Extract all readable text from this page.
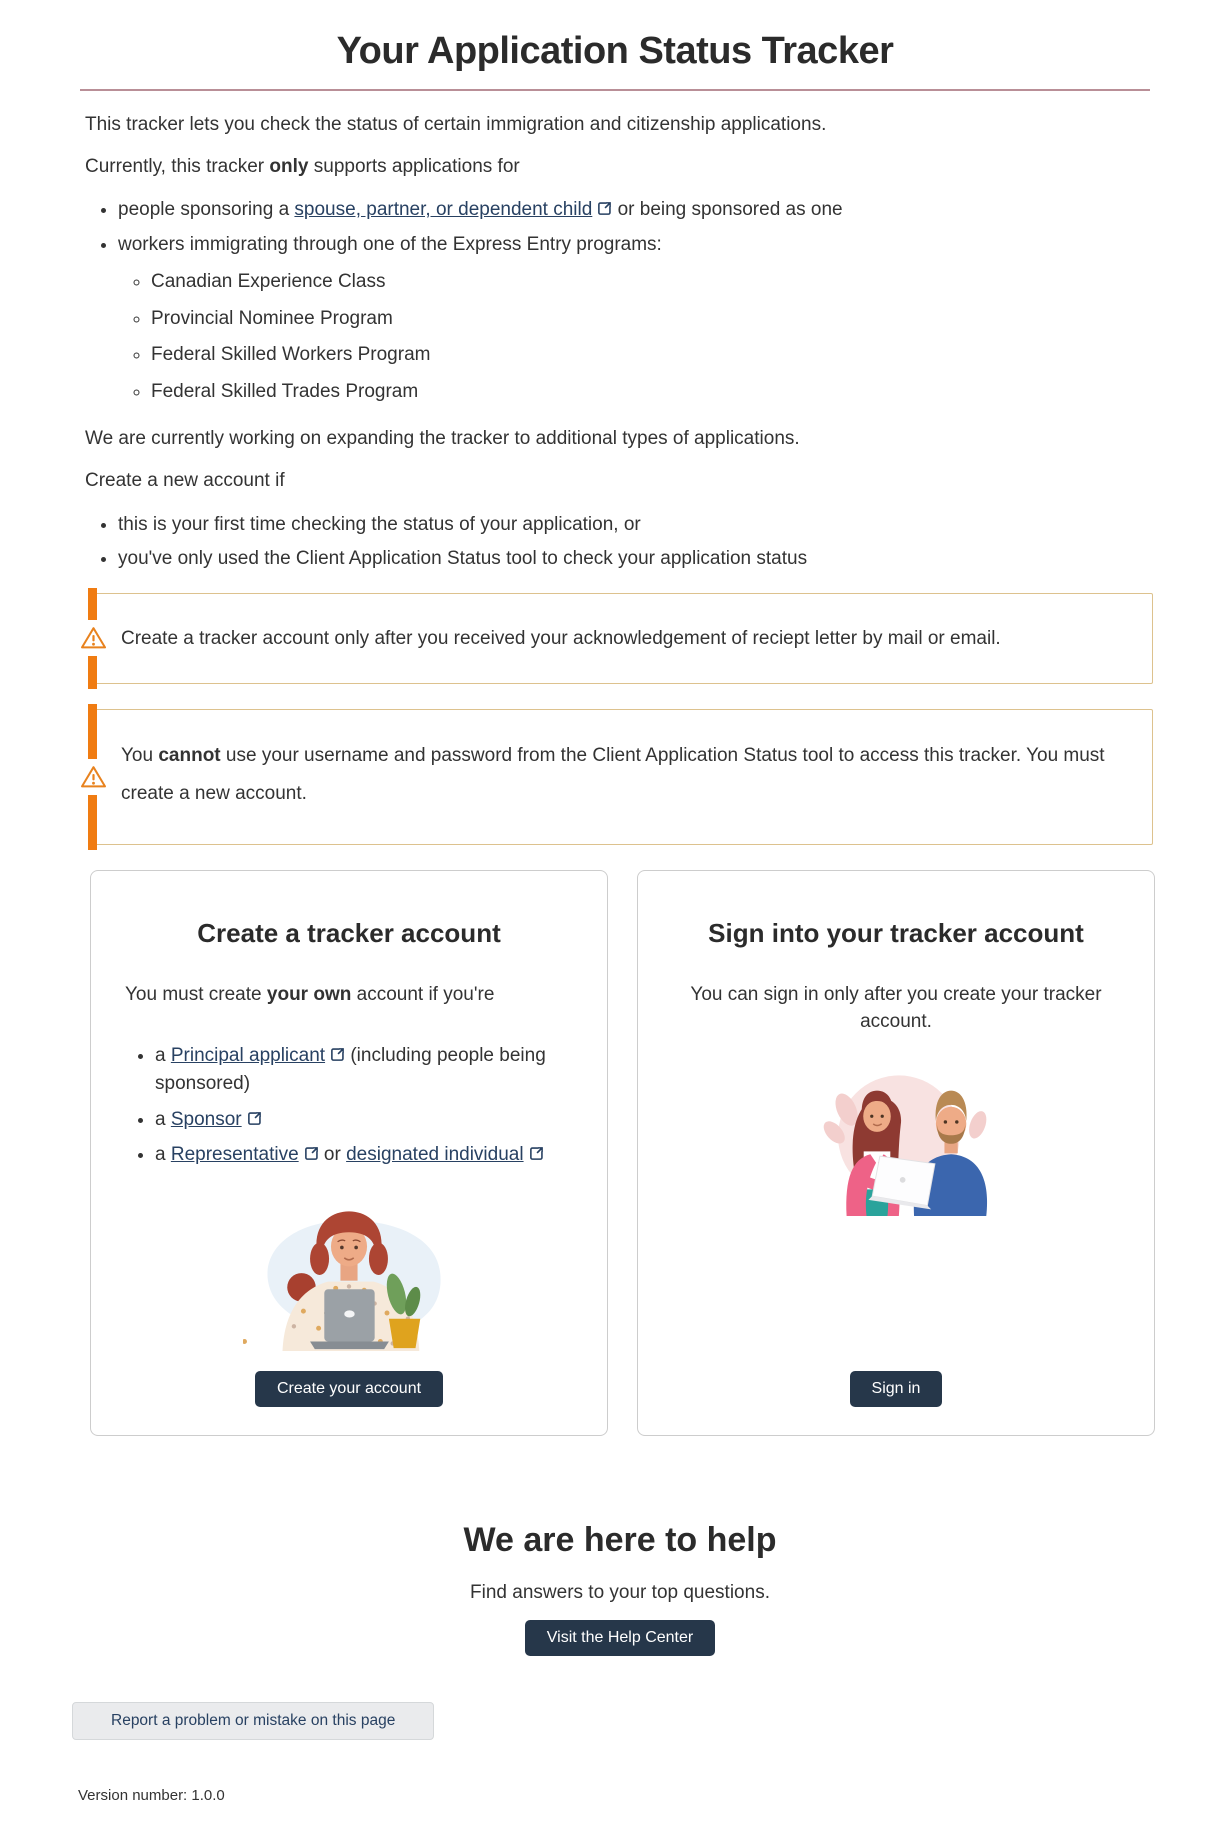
Your Application Status Tracker

This tracker lets you check the status of certain immigration and citizenship applications.

Currently, this tracker only supports applications for

• people sponsoring a spouse, partner, or dependent child or being sponsored as one
• workers immigrating through one of the Express Entry programs:
◦ Canadian Experience Class
◦ Provincial Nominee Program
◦ Federal Skilled Workers Program
◦ Federal Skilled Trades Program

We are currently working on expanding the tracker to additional types of applications.

Create a new account if

• this is your first time checking the status of your application, or
• you've only used the Client Application Status tool to check your application status

Create a tracker account only after you received your acknowledgement of reciept letter by mail or email.

You cannot use your username and password from the Client Application Status tool to access this tracker. You must create a new account.

Create a tracker account

You must create your own account if you're

• a Principal applicant (including people being sponsored)
• a Sponsor
• a Representative or designated individual
Create your account
Sign into your tracker account

You can sign in only after you create your tracker account.

Sign in
We are here to help

Find answers to your top questions.

Visit the Help Center
Report a problem or mistake on this page

Version number: 1.0.0
